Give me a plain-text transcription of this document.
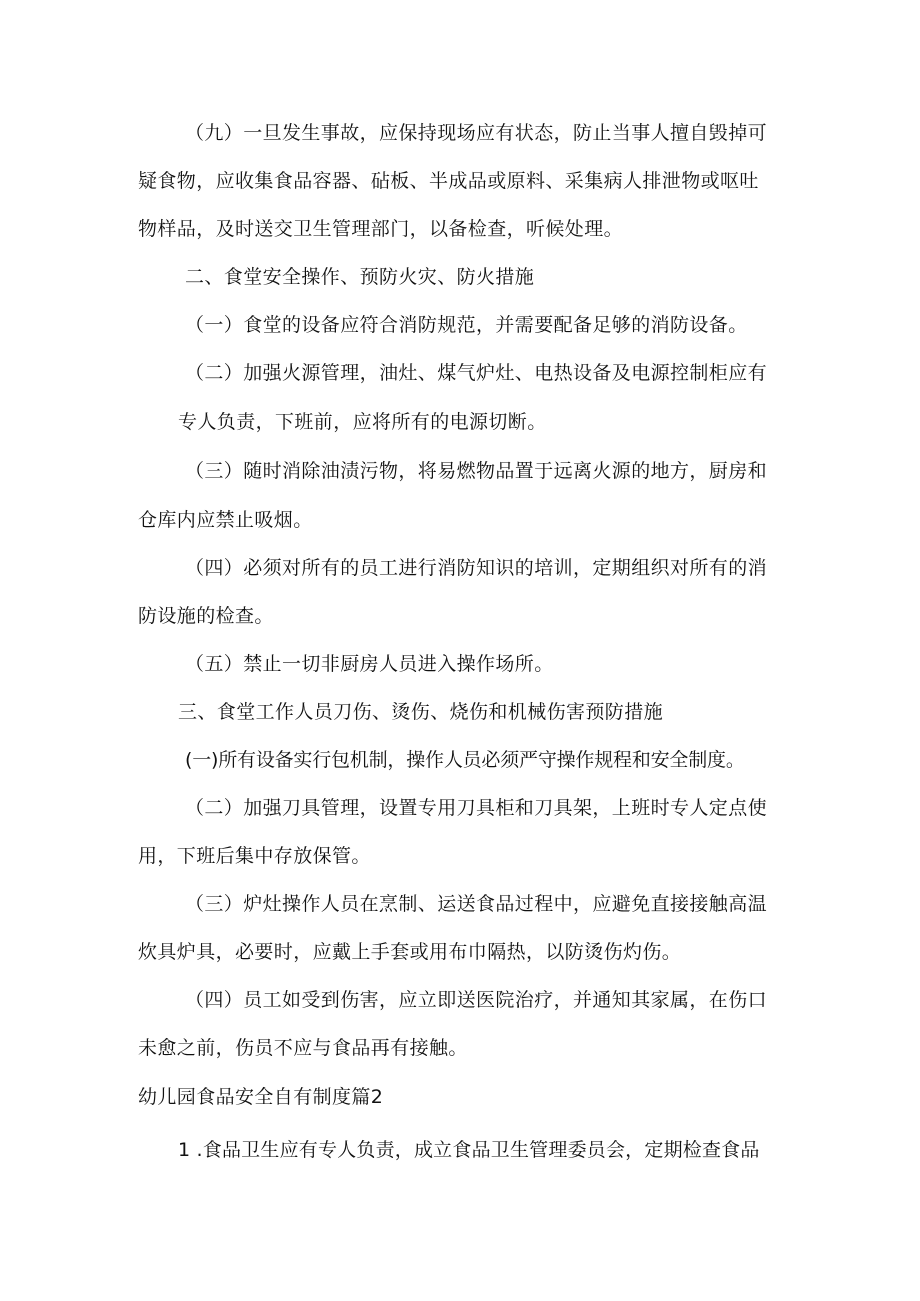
（九）一旦发生事故，应保持现场应有状态，防止当事人擅自毁掉可
疑食物，应收集食品容器、砧板、半成品或原料、采集病人排泄物或呕吐
物样品，及时送交卫生管理部门，以备检查，听候处理。
二、食堂安全操作、预防火灾、防火措施
（一）食堂的设备应符合消防规范，并需要配备足够的消防设备。
（二）加强火源管理，油灶、煤气炉灶、电热设备及电源控制柜应有
专人负责，下班前，应将所有的电源切断。
（三）随时消除油渍污物，将易燃物品置于远离火源的地方，厨房和
仓库内应禁止吸烟。
（四）必须对所有的员工进行消防知识的培训，定期组织对所有的消
防设施的检查。
（五）禁止一切非厨房人员进入操作场所。
三、食堂工作人员刀伤、烫伤、烧伤和机械伤害预防措施
(一)所有设备实行包机制，操作人员必须严守操作规程和安全制度。
（二）加强刀具管理，设置专用刀具柜和刀具架，上班时专人定点使
用，下班后集中存放保管。
（三）炉灶操作人员在烹制、运送食品过程中，应避免直接接触高温
炊具炉具，必要时，应戴上手套或用布巾隔热，以防烫伤灼伤。
（四）员工如受到伤害，应立即送医院治疗，并通知其家属，在伤口
未愈之前，伤员不应与食品再有接触。
幼儿园食品安全自有制度篇2
1 .食品卫生应有专人负责，成立食品卫生管理委员会，定期检查食品
